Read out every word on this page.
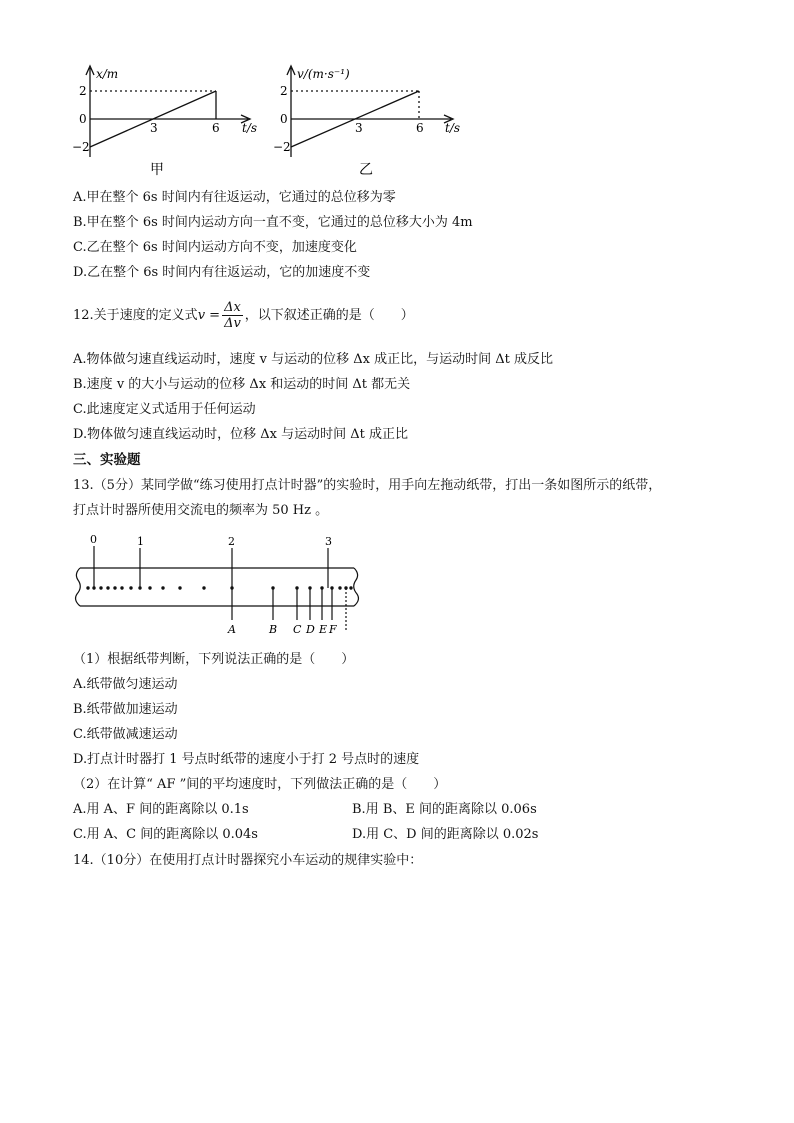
x/m
t/s
2
0
−2
3	6
甲
v/(m·s⁻¹)
t/s
2
0
−2
3	6
乙
A.甲在整个 6s 时间内有往返运动，它通过的总位移为零
B.甲在整个 6s 时间内运动方向一直不变，它通过的总位移大小为 4m
C.乙在整个 6s 时间内运动方向不变，加速度变化
D.乙在整个 6s 时间内有往返运动，它的加速度不变
12.关于速度的定义式$v = \frac{\Delta x}{\Delta v}$ ，以下叙述正确的是（　　）
A.物体做匀速直线运动时，速度 v 与运动的位移 Δx 成正比，与运动时间 Δt 成反比
B.速度 v 的大小与运动的位移 Δx 和运动的时间 Δt 都无关
C.此速度定义式适用于任何运动
D.物体做匀速直线运动时，位移 Δx 与运动时间 Δt 成正比
三、实验题
13.（5分）某同学做“练习使用打点计时器”的实验时，用手向左拖动纸带，打出一条如图所示的纸带，
打点计时器所使用交流电的频率为 50 Hz 。
0	1	2	3
A	B C D E F
（1）根据纸带判断，下列说法正确的是（　　）
A.纸带做匀速运动
B.纸带做加速运动
C.纸带做减速运动
D.打点计时器打 1 号点时纸带的速度小于打 2 号点时的速度
（2）在计算“ AF ”间的平均速度时，下列做法正确的是（　　）
A.用 A、F 间的距离除以 0.1s	B.用 B、E 间的距离除以 0.06s
C.用 A、C 间的距离除以 0.04s	D.用 C、D 间的距离除以 0.02s
14.（10分）在使用打点计时器探究小车运动的规律实验中：
